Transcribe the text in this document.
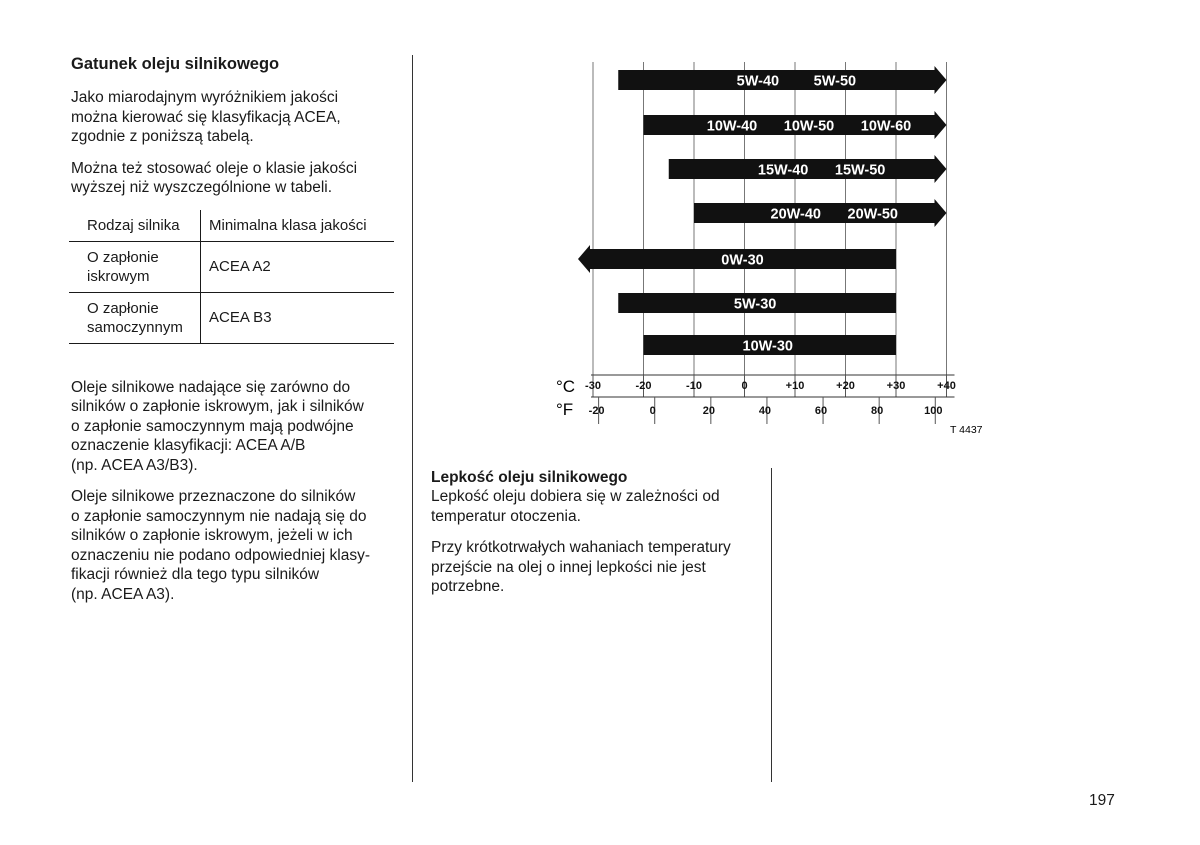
Gatunek oleju silnikowego

Jako miarodajnym wyróżnikiem jakości
można kierować się klasyfikacją ACEA,
zgodnie z poniższą tabelą.

Można też stosować oleje o klasie jakości
wyższej niż wyszczególnione w tabeli.

Rodzaj silnika	Minimalna klasa jakości
O zapłonie
iskrowym	ACEA A2
O zapłonie
samoczynnym	ACEA B3

Oleje silnikowe nadające się zarówno do
silników o zapłonie iskrowym, jak i silników
o zapłonie samoczynnym mają podwójne
oznaczenie klasyfikacji: ACEA A/B
(np. ACEA A3/B3).

Oleje silnikowe przeznaczone do silników
o zapłonie samoczynnym nie nadają się do
silników o zapłonie iskrowym, jeżeli w ich
oznaczeniu nie podano odpowiedniej klasy-
fikacji również dla tego typu silników
(np. ACEA A3).

5W-40 5W-50
10W-40 10W-50 10W-60
15W-40 15W-50
20W-40 20W-50
0W-30
5W-30
10W-30
-30	-20	-10	0	+10	+20	+30	+40
-20	0	20	40	60	80	100
°C
°F
T 4437

Lepkość oleju silnikowego

Lepkość oleju dobiera się w zależności od
temperatur otoczenia.

Przy krótkotrwałych wahaniach temperatury
przejście na olej o innej lepkości nie jest
potrzebne.

197
